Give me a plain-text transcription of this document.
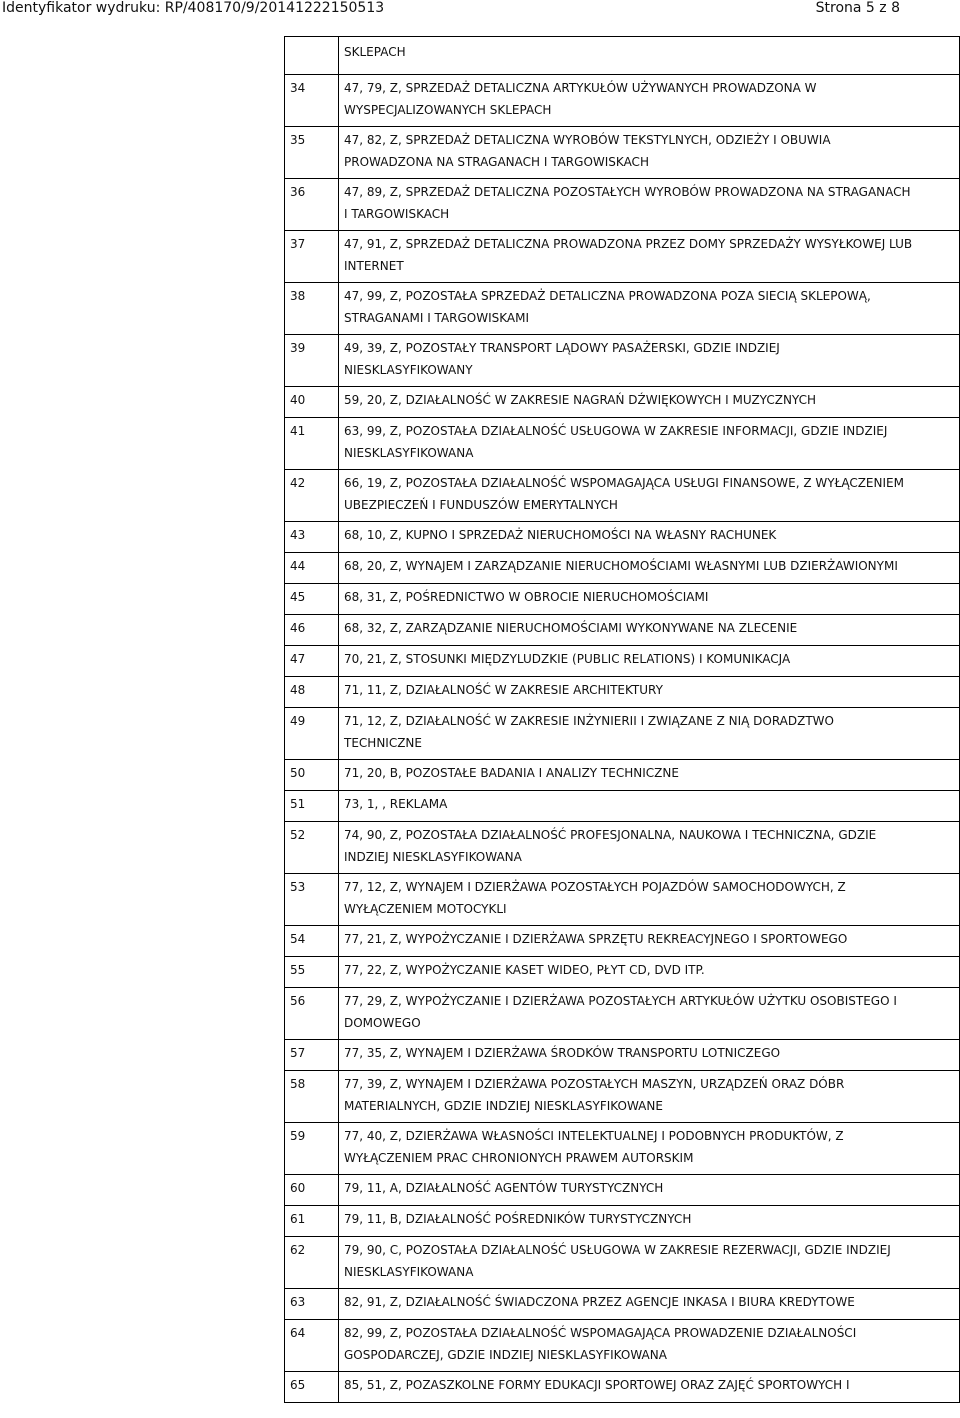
Identyfikator wydruku: RP/408170/9/20141222150513	Strona 5 z 8

	SKLEPACH

34	47, 79, Z, SPRZEDAŻ DETALICZNA ARTYKUŁÓW UŻYWANYCH PROWADZONA W
WYSPECJALIZOWANYCH SKLEPACH

35	47, 82, Z, SPRZEDAŻ DETALICZNA WYROBÓW TEKSTYLNYCH, ODZIEŻY I OBUWIA
PROWADZONA NA STRAGANACH I TARGOWISKACH

36	47, 89, Z, SPRZEDAŻ DETALICZNA POZOSTAŁYCH WYROBÓW PROWADZONA NA STRAGANACH
I TARGOWISKACH

37	47, 91, Z, SPRZEDAŻ DETALICZNA PROWADZONA PRZEZ DOMY SPRZEDAŻY WYSYŁKOWEJ LUB
INTERNET

38	47, 99, Z, POZOSTAŁA SPRZEDAŻ DETALICZNA PROWADZONA POZA SIECIĄ SKLEPOWĄ,
STRAGANAMI I TARGOWISKAMI

39	49, 39, Z, POZOSTAŁY TRANSPORT LĄDOWY PASAŻERSKI, GDZIE INDZIEJ
NIESKLASYFIKOWANY

40	59, 20, Z, DZIAŁALNOŚĆ W ZAKRESIE NAGRAŃ DŹWIĘKOWYCH I MUZYCZNYCH

41	63, 99, Z, POZOSTAŁA DZIAŁALNOŚĆ USŁUGOWA W ZAKRESIE INFORMACJI, GDZIE INDZIEJ
NIESKLASYFIKOWANA

42	66, 19, Z, POZOSTAŁA DZIAŁALNOŚĆ WSPOMAGAJĄCA USŁUGI FINANSOWE, Z WYŁĄCZENIEM
UBEZPIECZEŃ I FUNDUSZÓW EMERYTALNYCH

43	68, 10, Z, KUPNO I SPRZEDAŻ NIERUCHOMOŚCI NA WŁASNY RACHUNEK

44	68, 20, Z, WYNAJEM I ZARZĄDZANIE NIERUCHOMOŚCIAMI WŁASNYMI LUB DZIERŻAWIONYMI

45	68, 31, Z, POŚREDNICTWO W OBROCIE NIERUCHOMOŚCIAMI

46	68, 32, Z, ZARZĄDZANIE NIERUCHOMOŚCIAMI WYKONYWANE NA ZLECENIE

47	70, 21, Z, STOSUNKI MIĘDZYLUDZKIE (PUBLIC RELATIONS) I KOMUNIKACJA

48	71, 11, Z, DZIAŁALNOŚĆ W ZAKRESIE ARCHITEKTURY

49	71, 12, Z, DZIAŁALNOŚĆ W ZAKRESIE INŻYNIERII I ZWIĄZANE Z NIĄ DORADZTWO
TECHNICZNE

50	71, 20, B, POZOSTAŁE BADANIA I ANALIZY TECHNICZNE

51	73, 1, , REKLAMA

52	74, 90, Z, POZOSTAŁA DZIAŁALNOŚĆ PROFESJONALNA, NAUKOWA I TECHNICZNA, GDZIE
INDZIEJ NIESKLASYFIKOWANA

53	77, 12, Z, WYNAJEM I DZIERŻAWA POZOSTAŁYCH POJAZDÓW SAMOCHODOWYCH, Z
WYŁĄCZENIEM MOTOCYKLI

54	77, 21, Z, WYPOŻYCZANIE I DZIERŻAWA SPRZĘTU REKREACYJNEGO I SPORTOWEGO

55	77, 22, Z, WYPOŻYCZANIE KASET WIDEO, PŁYT CD, DVD ITP.

56	77, 29, Z, WYPOŻYCZANIE I DZIERŻAWA POZOSTAŁYCH ARTYKUŁÓW UŻYTKU OSOBISTEGO I
DOMOWEGO

57	77, 35, Z, WYNAJEM I DZIERŻAWA ŚRODKÓW TRANSPORTU LOTNICZEGO

58	77, 39, Z, WYNAJEM I DZIERŻAWA POZOSTAŁYCH MASZYN, URZĄDZEŃ ORAZ DÓBR
MATERIALNYCH, GDZIE INDZIEJ NIESKLASYFIKOWANE

59	77, 40, Z, DZIERŻAWA WŁASNOŚCI INTELEKTUALNEJ I PODOBNYCH PRODUKTÓW, Z
WYŁĄCZENIEM PRAC CHRONIONYCH PRAWEM AUTORSKIM

60	79, 11, A, DZIAŁALNOŚĆ AGENTÓW TURYSTYCZNYCH

61	79, 11, B, DZIAŁALNOŚĆ POŚREDNIKÓW TURYSTYCZNYCH

62	79, 90, C, POZOSTAŁA DZIAŁALNOŚĆ USŁUGOWA W ZAKRESIE REZERWACJI, GDZIE INDZIEJ
NIESKLASYFIKOWANA

63	82, 91, Z, DZIAŁALNOŚĆ ŚWIADCZONA PRZEZ AGENCJE INKASA I BIURA KREDYTOWE

64	82, 99, Z, POZOSTAŁA DZIAŁALNOŚĆ WSPOMAGAJĄCA PROWADZENIE DZIAŁALNOŚCI
GOSPODARCZEJ, GDZIE INDZIEJ NIESKLASYFIKOWANA

65	85, 51, Z, POZASZKOLNE FORMY EDUKACJI SPORTOWEJ ORAZ ZAJĘĆ SPORTOWYCH I
